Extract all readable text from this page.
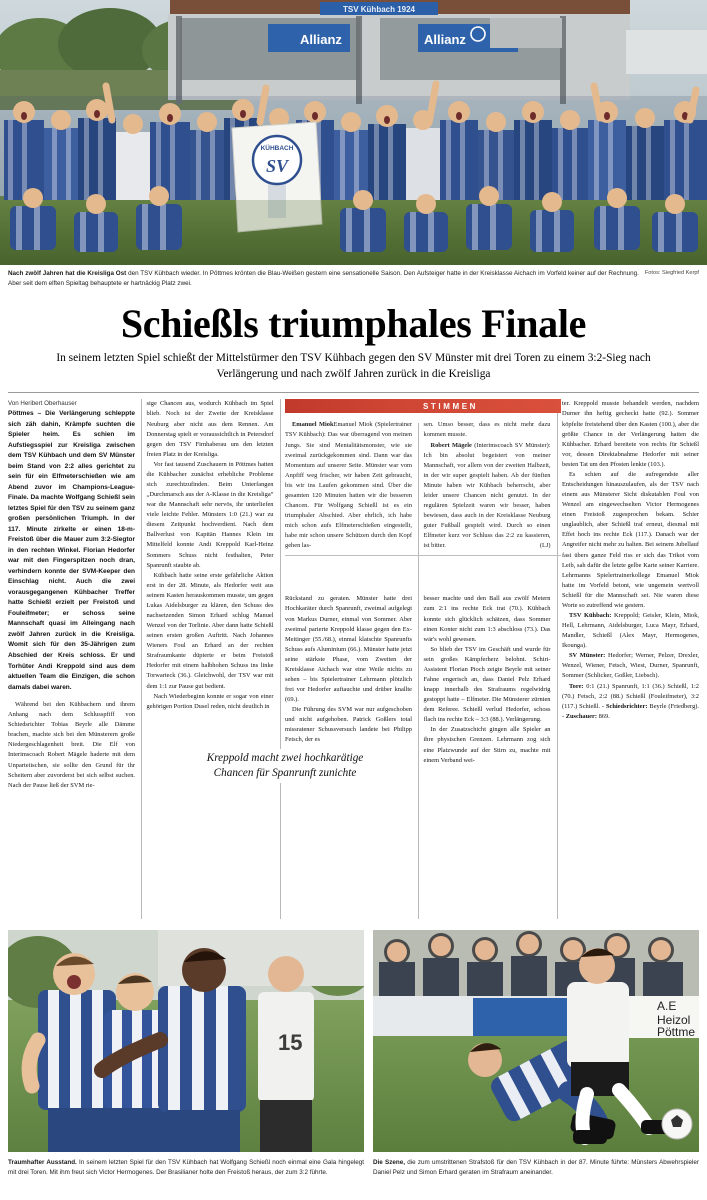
TSV Kühbach 1924
Allianz	Allianz
KÜHBACH
SV
Fotos: Siegfried Kerpf
Nach zwölf Jahren hat die Kreisliga Ost den TSV Kühbach wieder. In Pöttmes krönten die Blau-Weißen gestern eine sensationelle Saison. Den Aufsteiger hatte in der Kreisklasse Aichach im Vorfeld keiner auf der Rechnung. Aber seit dem elften Spieltag behauptete er hartnäckig Platz zwei.
Schießls triumphales Finale
In seinem letzten Spiel schießt der Mittelstürmer den TSV Kühbach gegen den SV Münster mit drei Toren zu einem 3:2-Sieg nach Verlängerung und nach zwölf Jahren zurück in die Kreisliga
STIMMEN

Emanuel MiokEmanuel Miok (Spielertrainer TSV Kühbach): Das war überragend von meinen Jungs. Sie sind Mentalitätsmonster, wie sie zweimal zurückgekommen sind. Dann war das Momentum auf unserer Seite. Münster war vom Anpfiff weg frischer, wir haben Zeit gebraucht, bis wir ins Laufen gekommen sind. Über die gesamten 120 Minuten hatten wir die besseren Chancen. Für Wolfgang Schießl ist es ein triumphaler Abschied. Aber ehrlich, ich habe mich schon aufs Elfmeterschießen eingestellt, habe mir schon unsere Schützen durch den Kopf gehen las-

sen. Umso besser, dass es nicht mehr dazu kommen musste.

Robert Mägele (Interimscoach SV Münster): Ich bin absolut begeistert von meiner Mannschaft, vor allem von der zweiten Halbzeit, in der wir super gespielt haben. Ab der fünften Minute haben wir Kühbach beherrscht, aber leider unsere Chancen nicht genutzt. In der regulären Spielzeit waren wir besser, haben bewiesen, dass auch in der Kreisklasse Neuburg guter Fußball gespielt wird. Durch so einen Elfmeter kurz vor Schluss das 2:2 zu kassieren, ist bitter.	(LJ)

Von Heribert Oberhauser

Pöttmes – Die Verlängerung schleppte sich zäh dahin, Krämpfe suchten die Spieler heim. Es schien im Aufstiegsspiel zur Kreisliga zwischen dem TSV Kühbach und dem SV Münster beim Stand von 2:2 alles gerichtet zu sein für ein Elfmeterschießen wie am Abend zuvor im Champions-League-Finale. Da machte Wolfgang Schießl sein letztes Spiel für den TSV zu seinem ganz großen persönlichen Triumph. In der 117. Minute zirkelte er einen 18-m-Freistoß über die Mauer zum 3:2-Siegtor in den rechten Winkel. Florian Hedorfer war mit den Fingerspitzen noch dran, verhindern konnte der SVM-Keeper den Einschlag nicht. Auch die zwei vorausgegangenen Kühbacher Treffer hatte Schießl erzielt per Freistoß und Fouleifmeter; er schoss seine Mannschaft quasi im Alleingang nach zwölf Jahren zurück in die Kreisliga. Womit sich für den 35-Jährigen zum Abschied der Kreis schloss. Er und Torhüter Andi Kreppold sind aus dem aktuellen Team die Einzigen, die schon damals dabei waren.

Während bei den Kühbachern und ihrem Anhang nach dem Schlusspfiff von Schiedsrichter Tobias Beyrle alle Dämme brachen, machte sich bei den Münsterern große Niedergeschlagenheit breit. Die Elf von Interimscoach Robert Mägele haderte mit dem Unparteiischen, sie sollte den Grund für ihr Scheitern aber zuvorderst bei sich selbst suchen. Nach der Pause ließ der SVM rie-

sige Chancen aus, wodurch Kühbach im Spiel blieb. Noch ist der Zweite der Kreisklasse Neuburg aber nicht aus dem Rennen. Am Donnerstag spielt er voraussichtlich in Petersdorf gegen den TSV Firnhaberau um den letzten freien Platz in der Kreisliga.

Vor fast tausend Zuschauern in Pöttmes hatten die Kühbacher zunächst erhebliche Probleme sich zurechtzufinden. Beim Unterfangen „Durchmarsch aus der A-Klasse in die Kreisliga“ war die Mannschaft sehr nervös, ihr unterliefen viele leichte Fehler. Münsters 1:0 (21.) war zu diesem Zeitpunkt hochverdient. Nach dem Ballverlust von Kapitän Hannes Klein im Mittelfeld konnte Andi Kreppold Karl-Heinz Sommers Schuss nicht festhalten, Peter Spanrunft staubte ab.

Kühbach hatte seine erste gefährliche Aktion erst in der 28. Minute, als Hedorfer weit aus seinem Kasten herauskommen musste, um gegen Lukas Aidelsburger zu klären, den Schuss des nachsetzenden Simon Erhard schlug Manuel Wenzel von der Torlinie. Aber dann hatte Schießl seinen ersten großen Auftritt. Nach Johannes Wieners Foul an Erhard an der rechten Strafraumkante düpierte er beim Freistoß Hedorfer mit einem halbhohen Schuss ins linke Torwarteck (36.). Gleichwohl, der TSV war mit dem 1:1 zur Pause gut bedient.

Nach Wiederbeginn konnte er sogar von einer gehörigen Portion Dusel reden, nicht deutlich in

Rückstand zu geraten. Münster hatte drei Hochkaräter durch Spanrunft, zweimal aufgelegt von Markus Durner, einmal von Sommer. Aber zweimal parierte Kreppold klasse gegen den Ex-Meitinger (55./68.), einmal klatschte Spanrunfts Schuss aufs Aluminium (66.). Münster hatte jetzt seine stärkste Phase, vom Zweiten der Kreisklasse Aichach war eine Weile nichts zu sehen – bis Spielertrainer Lehrmann plötzlich frei vor Hedorfer auftauchte und drüber knallte (69.).

Die Führung des SVM war nur aufgeschoben und nicht aufgehoben. Patrick Goßlers total missratener Schussversuch landete bei Philipp Fetsch, der es

besser machte und den Ball aus zwölf Metern zum 2:1 ins rechte Eck trat (70.). Kühbach konnte sich glücklich schätzen, dass Sommer einen Konter nicht zum 1:3 abschloss (73.). Das wär's wohl gewesen.

So blieb der TSV im Geschäft und wurde für sein großes Kämpferherz belohnt. Schiri-Assistent Florian Pioch zeigte Beyrle mit seiner Fahne engerisch an, dass Daniel Pelz Erhard knapp innerhalb des Strafraums regelwidrig gestoppt hatte – Elfmeter. Die Münsterer zürnten dem Referee. Schießl verlud Hedorfer, schoss flach ins rechte Eck – 3:3 (88.). Verlängerung.

In der Zusatzschicht gingen alle Spieler an ihre physischen Grenzen. Lehrmann zog sich eine Platzwunde auf der Stirn zu, machte mit einem Verband wei-

ter. Kreppold musste behandelt werden, nachdem Durner ihn heftig gecheckt hatte (92.). Sommer köpfelte freistehend über den Kasten (100.), aber die größte Chance in der Verlängerung hatten die Kühbacher. Erhard bereitete von rechts für Schießl vor, dessen Direktabnahme Hedorfer mit seiner besten Tat um den Pfosten lenkte (103.).

Es schien auf die aufregendste aller Entscheidungen hinauszulaufen, als der TSV nach einem aus Münsterer Sicht diskutablen Foul von Wenzel am eingewechselten Victor Hermogenes einen Freistoß zugesprochen bekam. Schier unglaublich, aber Schießl traf erneut, diesmal mit Effet hoch ins rechte Eck (117.). Danach war der Angreifer nicht mehr zu halten. Bei seinem Jubellauf fast übers ganze Feld riss er sich das Trikot vom Leib, sah dafür die letzte gelbe Karte seiner Karriere. Lehrmanns Spielertrainerkollege Emanuel Miok hatte im Vorfeld betont, wie ungemein wertvoll Schießl für die Mannschaft sei. Nie waren diese Worte so zutreffend wie gestern.

TSV Kühbach: Kreppold; Geisler, Klein, Miok, Hell, Lehrmann, Aidelsburger, Luca Mayr, Erhard, Mandler, Schießl (Alex Mayr, Hermogenes, Ikounga).

SV Münster: Hedorfer; Werner, Pelzer, Drexler, Wenzel, Wiener, Fetsch, Wiest, Durner, Spanrunft, Sommer (Schlicker, Goßler, Liebsch).

Tore: 0:1 (21.) Spanrunft, 1:1 (36.) Schießl, 1:2 (70.) Fetsch, 2:2 (88.) Schießl (Fouleifmeter), 3:2 (117.) Schießl. - Schiedsrichter: Beyrle (Friedberg). - Zuschauer: 869.

Kreppold macht zwei hochkarätige Chancen für Spanrunft zunichte
15
A.E
Heizol
Pöttme
Traumhafter Ausstand. In seinem letzten Spiel für den TSV Kühbach hat Wolfgang Schießl noch einmal eine Gala hingelegt mit drei Toren. Mit ihm freut sich Victor Hermogenes. Der Brasilianer holte den Freistoß heraus, der zum 3:2 führte.
Die Szene, die zum umstrittenen Strafstoß für den TSV Kühbach in der 87. Minute führte: Münsters Abwehrspieler Daniel Pelz und Simon Erhard geraten im Strafraum aneinander.
